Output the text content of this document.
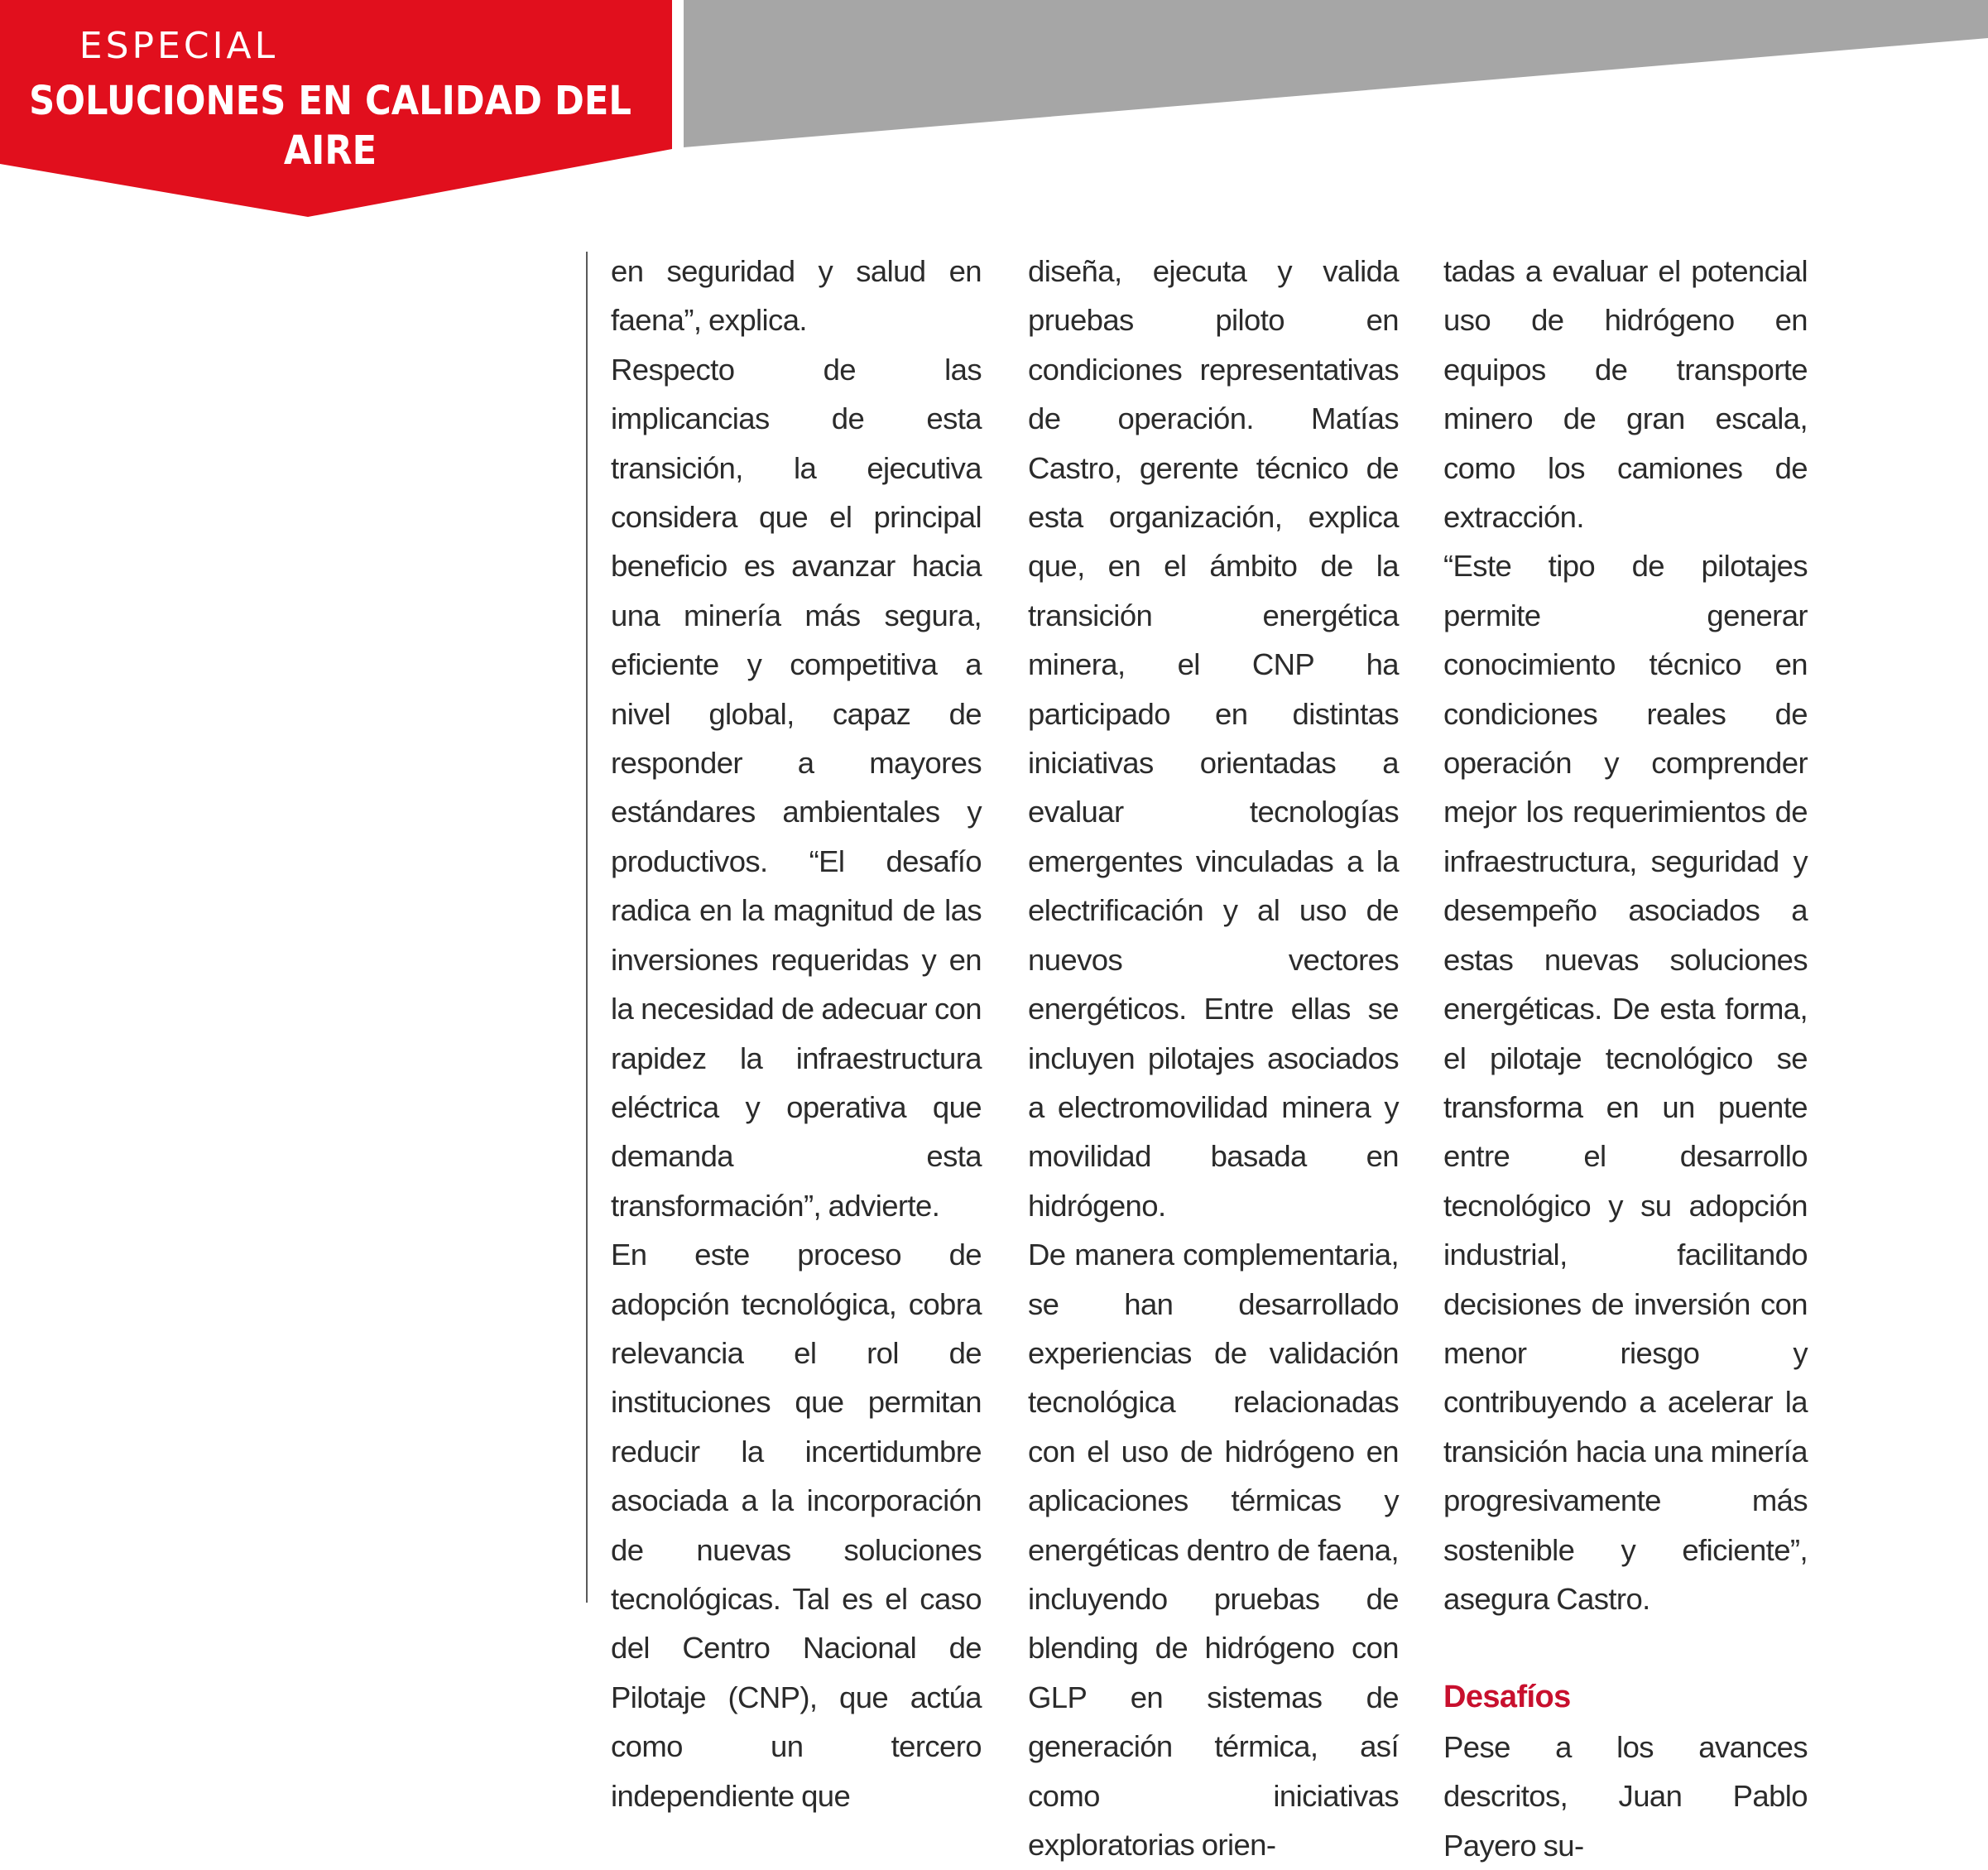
ESPECIAL
SOLUCIONES EN CALIDAD DEL AIRE

en seguridad y salud en faena”, explica.

Respecto de las implicancias de esta transición, la ejecutiva considera que el principal beneficio es avanzar hacia una minería más segura, eficiente y competitiva a nivel global, capaz de responder a mayores estándares ambientales y productivos. “El desafío radica en la magnitud de las inversiones requeridas y en la necesidad de adecuar con rapidez la infraestructura eléctrica y operativa que demanda esta transformación”, advierte.

En este proceso de adopción tecnológica, cobra relevancia el rol de instituciones que permitan reducir la incertidumbre asociada a la incorporación de nuevas soluciones tecnológicas. Tal es el caso del Centro Nacional de Pilotaje (CNP), que actúa como un tercero independiente que

diseña, ejecuta y valida pruebas piloto en condiciones representativas de operación. Matías Castro, gerente técnico de esta organización, explica que, en el ámbito de la transición energética minera, el CNP ha participado en distintas iniciativas orientadas a evaluar tecnologías emergentes vinculadas a la electrificación y al uso de nuevos vectores energéticos. Entre ellas se incluyen pilotajes asociados a electromovilidad minera y movilidad basada en hidrógeno.

De manera complementaria, se han desarrollado experiencias de validación tecnológica relacionadas con el uso de hidrógeno en aplicaciones térmicas y energéticas dentro de faena, incluyendo pruebas de blending de hidrógeno con GLP en sistemas de generación térmica, así como iniciativas exploratorias orien-

tadas a evaluar el potencial uso de hidrógeno en equipos de transporte minero de gran escala, como los camiones de extracción.

“Este tipo de pilotajes permite generar conocimiento técnico en condiciones reales de operación y comprender mejor los requerimientos de infraestructura, seguridad y desempeño asociados a estas nuevas soluciones energéticas. De esta forma, el pilotaje tecnológico se transforma en un puente entre el desarrollo tecnológico y su adopción industrial, facilitando decisiones de inversión con menor riesgo y contribuyendo a acelerar la transición hacia una minería progresivamente más sostenible y eficiente”, asegura Castro.

Desafíos

Pese a los avances descritos, Juan Pablo Payero su-
